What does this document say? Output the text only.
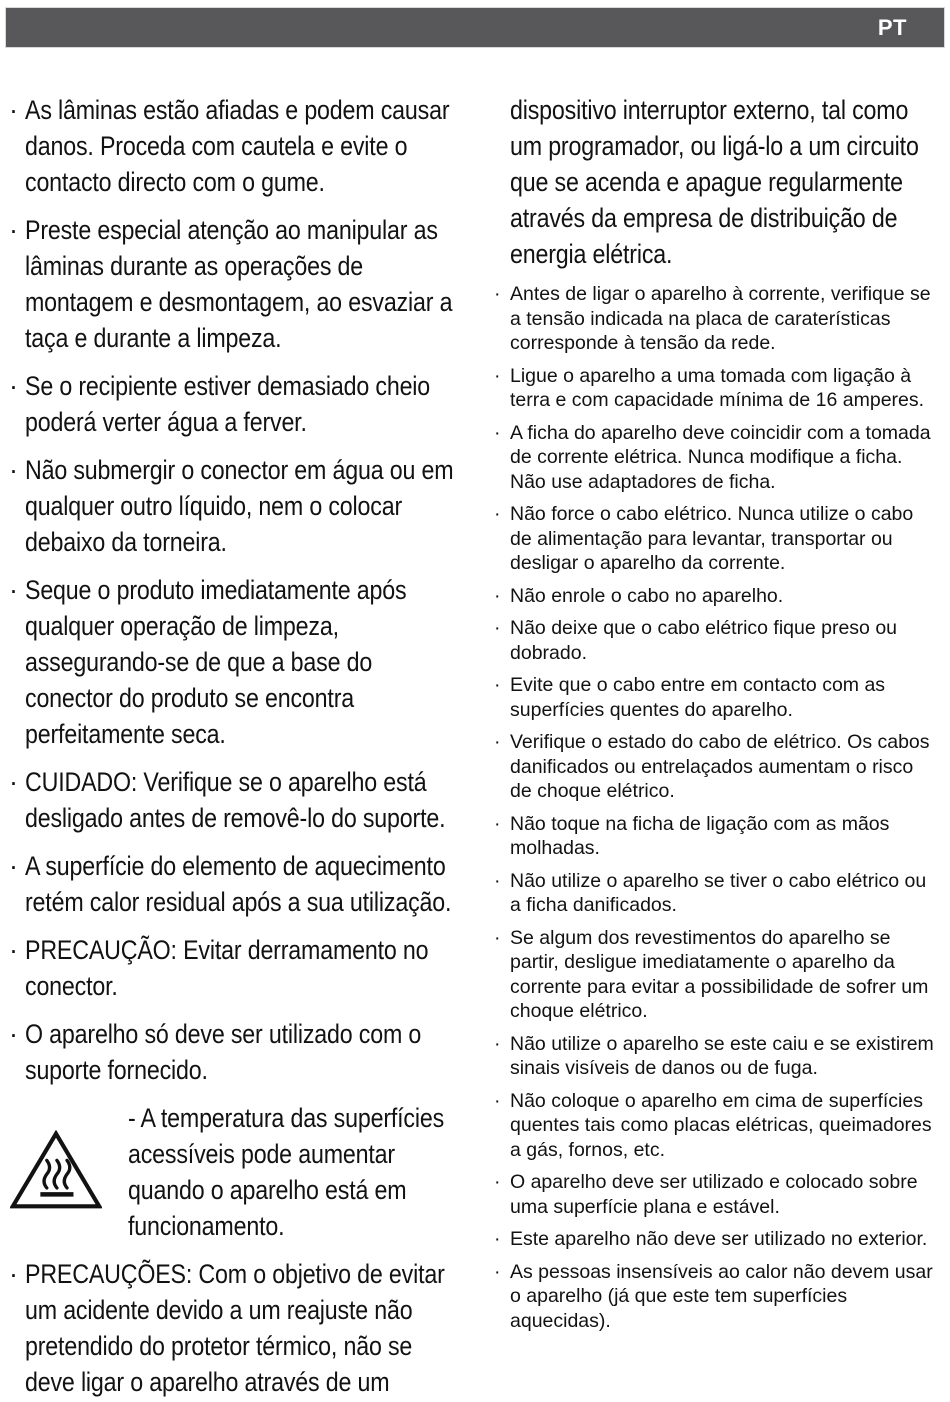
PT
· As lâminas estão afiadas e podem causar danos. Proceda com cautela e evite o contacto directo com o gume.
· Preste especial atenção ao manipular as lâminas durante as operações de montagem e desmontagem, ao esvaziar a taça e durante a limpeza.
· Se o recipiente estiver demasiado cheio poderá verter água a ferver.
· Não submergir o conector em água ou em qualquer outro líquido, nem o colocar debaixo da torneira.
· Seque o produto imediatamente após qualquer operação de limpeza, assegurando-se de que a base do conector do produto se encontra perfeitamente seca.
· CUIDADO: Verifique se o aparelho está desligado antes de removê-lo do suporte.
· A superfície do elemento de aquecimento retém calor residual após a sua utilização.
· PRECAUÇÃO: Evitar derramamento no conector.
· O aparelho só deve ser utilizado com o suporte fornecido.
- A temperatura das superfícies acessíveis pode aumentar quando o aparelho está em funcionamento.
· PRECAUÇÕES: Com o objetivo de evitar um acidente devido a um reajuste não pretendido do protetor térmico, não se deve ligar o aparelho através de um
dispositivo interruptor externo, tal como um programador, ou ligá-lo a um circuito que se acenda e apague regularmente através da empresa de distribuição de energia elétrica.
· Antes de ligar o aparelho à corrente, verifique se a tensão indicada na placa de caraterísticas corresponde à tensão da rede.
· Ligue o aparelho a uma tomada com ligação à terra e com capacidade mínima de 16 amperes.
· A ficha do aparelho deve coincidir com a tomada de corrente elétrica. Nunca modifique a ficha. Não use adaptadores de ficha.
· Não force o cabo elétrico. Nunca utilize o cabo de alimentação para levantar, transportar ou desligar o aparelho da corrente.
· Não enrole o cabo no aparelho.
· Não deixe que o cabo elétrico fique preso ou dobrado.
· Evite que o cabo entre em contacto com as superfícies quentes do aparelho.
· Verifique o estado do cabo de elétrico. Os cabos danificados ou entrelaçados aumentam o risco de choque elétrico.
· Não toque na ficha de ligação com as mãos molhadas.
· Não utilize o aparelho se tiver o cabo elétrico ou a ficha danificados.
· Se algum dos revestimentos do aparelho se partir, desligue imediatamente o aparelho da corrente para evitar a possibilidade de sofrer um choque elétrico.
· Não utilize o aparelho se este caiu e se existirem sinais visíveis de danos ou de fuga.
· Não coloque o aparelho em cima de superfícies quentes tais como placas elétricas, queimadores a gás, fornos, etc.
· O aparelho deve ser utilizado e colocado sobre uma superfície plana e estável.
· Este aparelho não deve ser utilizado no exterior.
· As pessoas insensíveis ao calor não devem usar o aparelho (já que este tem superfícies aquecidas).
